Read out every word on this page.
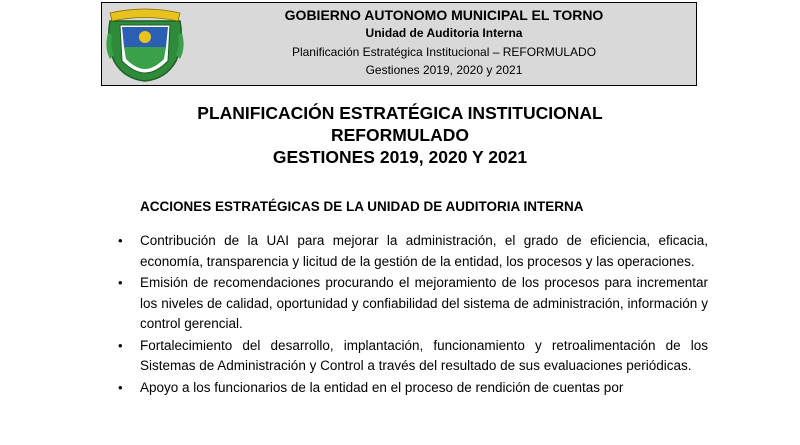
GOBIERNO AUTONOMO MUNICIPAL EL TORNO
Unidad de Auditoria Interna
Planificación Estratégica Institucional – REFORMULADO
Gestiones 2019, 2020 y 2021
PLANIFICACIÓN ESTRATÉGICA INSTITUCIONAL
REFORMULADO
GESTIONES 2019, 2020 Y 2021
ACCIONES ESTRATÉGICAS DE LA UNIDAD DE AUDITORIA INTERNA
• Contribución de la UAI para mejorar la administración, el grado de eficiencia, eficacia, economía, transparencia y licitud de la gestión de la entidad, los procesos y las operaciones.
• Emisión de recomendaciones procurando el mejoramiento de los procesos para incrementar los niveles de calidad, oportunidad y confiabilidad del sistema de administración, información y control gerencial.
• Fortalecimiento del desarrollo, implantación, funcionamiento y retroalimentación de los Sistemas de Administración y Control a través del resultado de sus evaluaciones periódicas.
• Apoyo a los funcionarios de la entidad en el proceso de rendición de cuentas por
